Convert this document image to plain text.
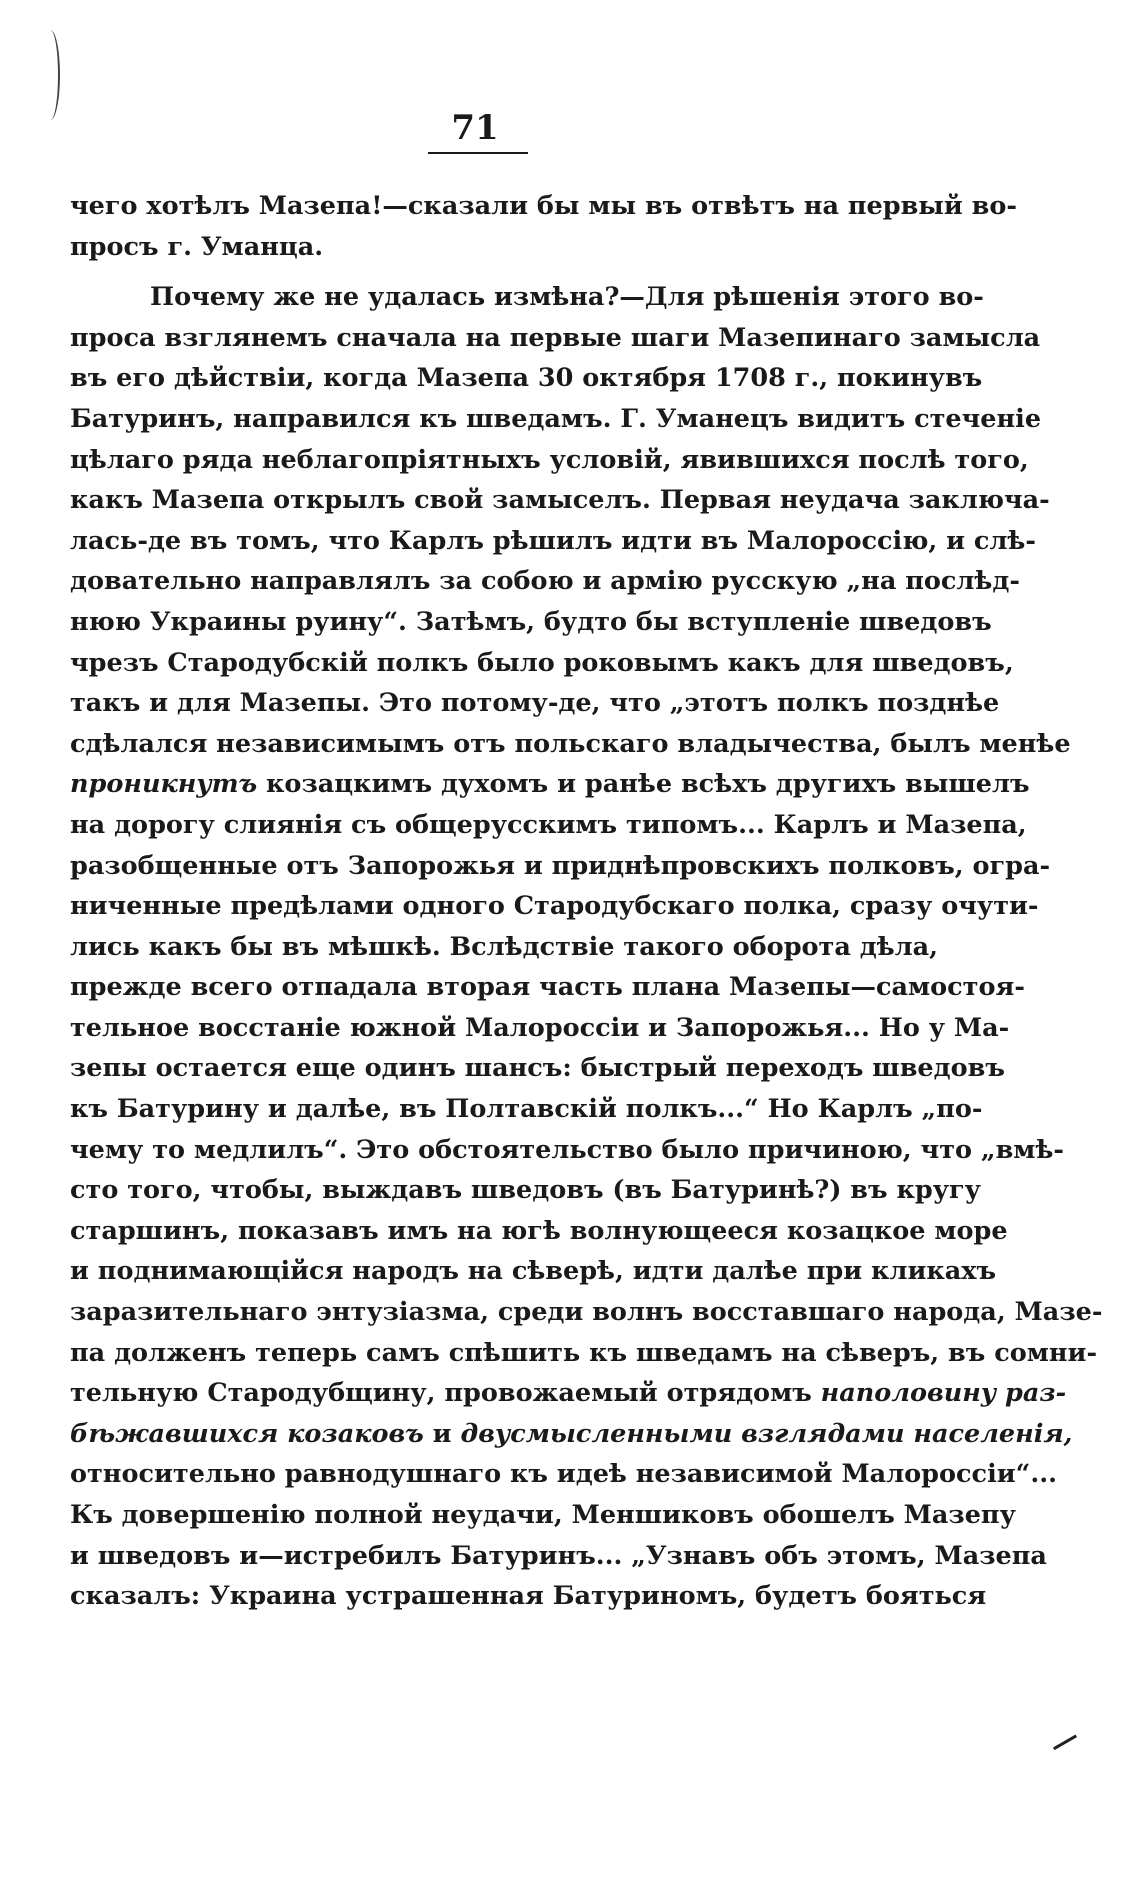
71
чего хотѣлъ Мазепа!—сказали бы мы въ отвѣтъ на первый во-
просъ г. Уманца.
Почему же не удалась измѣна?—Для рѣшенія этого во-
проса взглянемъ сначала на первые шаги Мазепинаго замысла
въ его дѣйствіи, когда Мазепа 30 октября 1708 г., покинувъ
Батуринъ, направился къ шведамъ. Г. Уманецъ видитъ стеченіе
цѣлаго ряда неблагопріятныхъ условій, явившихся послѣ того,
какъ Мазепа открылъ свой замыселъ. Первая неудача заключа-
лась-де въ томъ, что Карлъ рѣшилъ идти въ Малороссію, и слѣ-
довательно направлялъ за собою и армію русскую „на послѣд-
нюю Украины руину“. Затѣмъ, будто бы вступленіе шведовъ
чрезъ Стародубскій полкъ было роковымъ какъ для шведовъ,
такъ и для Мазепы. Это потому-де, что „этотъ полкъ позднѣе
сдѣлался независимымъ отъ польскаго владычества, былъ менѣе
проникнутъ козацкимъ духомъ и ранѣе всѣхъ другихъ вышелъ
на дорогу слиянія съ общерусскимъ типомъ... Карлъ и Мазепа,
разобщенные отъ Запорожья и приднѣпровскихъ полковъ, огра-
ниченные предѣлами одного Стародубскаго полка, сразу очути-
лись какъ бы въ мѣшкѣ. Вслѣдствіе такого оборота дѣла,
прежде всего отпадала вторая часть плана Мазепы—самостоя-
тельное восстаніе южной Малороссіи и Запорожья... Но у Ма-
зепы остается еще одинъ шансъ: быстрый переходъ шведовъ
къ Батурину и далѣе, въ Полтавскій полкъ...“ Но Карлъ „по-
чему то медлилъ“. Это обстоятельство было причиною, что „вмѣ-
сто того, чтобы, выждавъ шведовъ (въ Батуринѣ?) въ кругу
старшинъ, показавъ имъ на югѣ волнующееся козацкое море
и поднимающійся народъ на сѣверѣ, идти далѣе при кликахъ
заразительнаго энтузіазма, среди волнъ восставшаго народа, Мазе-
па долженъ теперь самъ спѣшить къ шведамъ на сѣверъ, въ сомни-
тельную Стародубщину, провожаемый отрядомъ наполовину раз-
бѣжавшихся козаковъ и двусмысленными взглядами населенія,
относительно равнодушнаго къ идеѣ независимой Малороссіи“...
Къ довершенію полной неудачи, Меншиковъ обошелъ Мазепу
и шведовъ и—истребилъ Батуринъ... „Узнавъ объ этомъ, Мазепа
сказалъ: Украина устрашенная Батуриномъ, будетъ бояться
